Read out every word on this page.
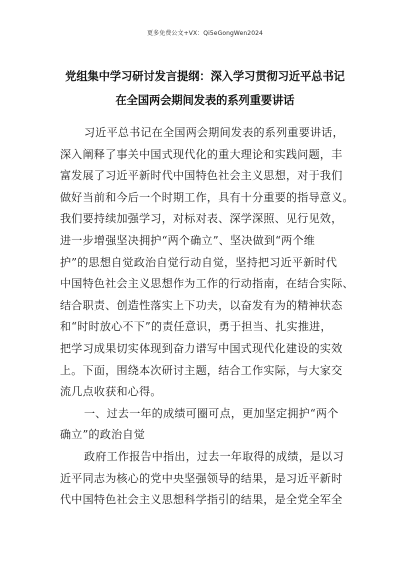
更多免费公文+VX：Qi5eGongWen2024
党组集中学习研讨发言提纲：深入学习贯彻习近平总书记
在全国两会期间发表的系列重要讲话
习近平总书记在全国两会期间发表的系列重要讲话，
深入阐释了事关中国式现代化的重大理论和实践问题，丰
富发展了习近平新时代中国特色社会主义思想，对于我们
做好当前和今后一个时期工作，具有十分重要的指导意义。
我们要持续加强学习，对标对表、深学深照、见行见效，
进一步增强坚决拥护“两个确立”、坚决做到“两个维
护”的思想自觉政治自觉行动自觉，坚持把习近平新时代
中国特色社会主义思想作为工作的行动指南，在结合实际、
结合职责、创造性落实上下功夫，以奋发有为的精神状态
和“时时放心不下”的责任意识，勇于担当、扎实推进，
把学习成果切实体现到奋力谱写中国式现代化建设的实效
上。下面，围绕本次研讨主题，结合工作实际，与大家交
流几点收获和心得。
一、过去一年的成绩可圈可点，更加坚定拥护“两个
确立”的政治自觉
政府工作报告中指出，过去一年取得的成绩，是以习
近平同志为核心的党中央坚强领导的结果，是习近平新时
代中国特色社会主义思想科学指引的结果，是全党全军全
